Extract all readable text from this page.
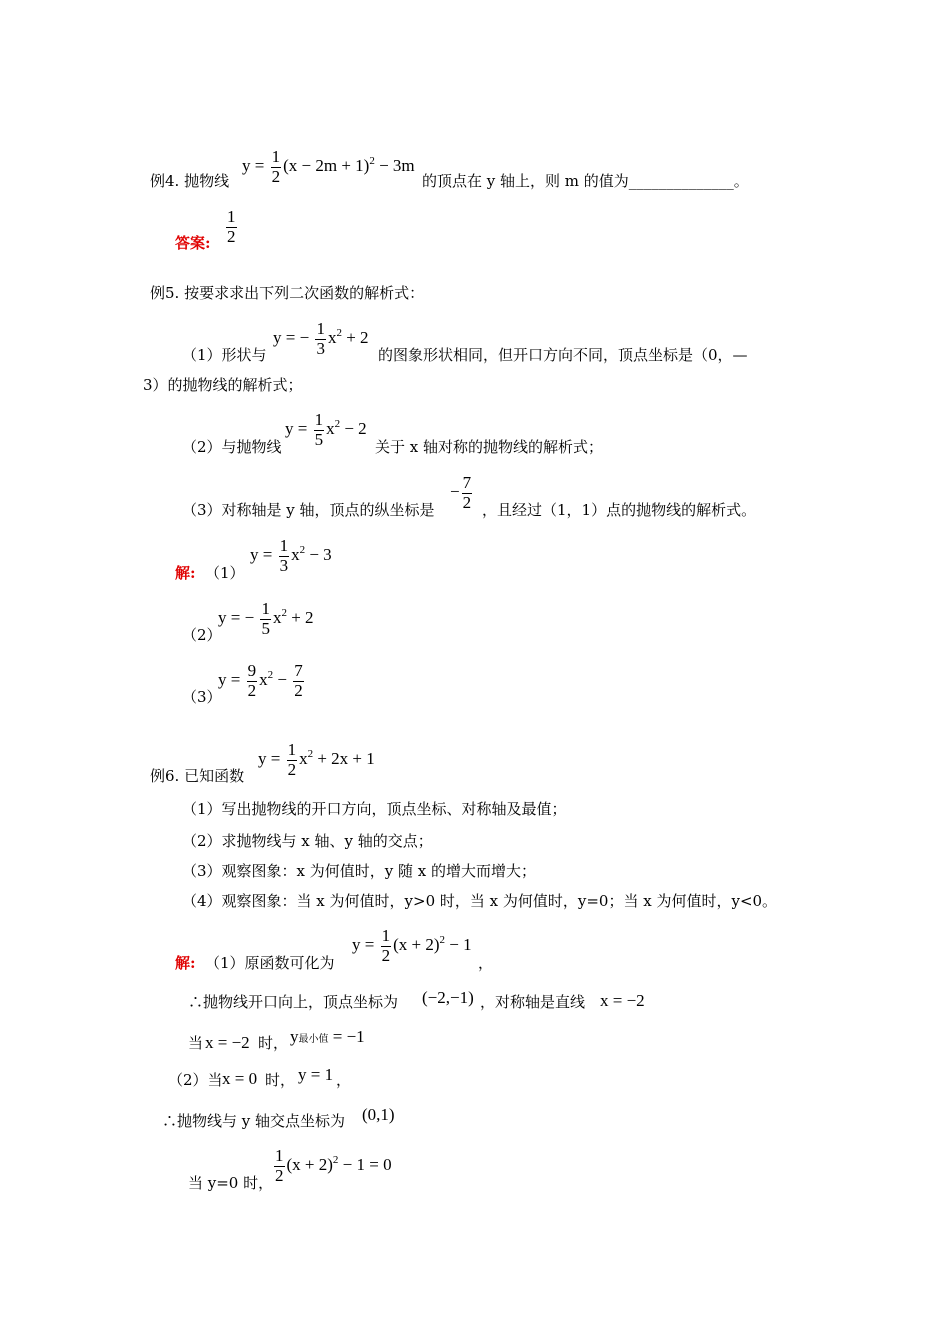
例4. 抛物线
$y = \frac{1}{2} (x - 2m + 1)^2 - 3m$
的顶点在 y 轴上，则 m 的值为______________。
答案: $\frac{1}{2}$
例5. 按要求求出下列二次函数的解析式：
（1）形状与
y = − $\frac{1}{3} x^2 + 2$
的图象形状相同，但开口方向不同，顶点坐标是（0，—
3）的抛物线的解析式；
（2）与抛物线
$y = \frac{1}{5} x^2 - 2$
关于 x 轴对称的抛物线的解析式；
（3）对称轴是 y 轴，顶点的纵坐标是
− $\frac{7}{2}$ ，且经过（1，1）点的抛物线的解析式。
解: （1）
$y = \frac{1}{3} x^2 - 3$
（2）
y = − $\frac{1}{5} x^2 + 2$
（3）
$y = \frac{9}{2} x^2 - \frac{7}{2}$
例6. 已知函数
$y = \frac{1}{2} x^2 + 2x + 1$
（1）写出抛物线的开口方向，顶点坐标、对称轴及最值；
（2）求抛物线与 x 轴、y 轴的交点；
（3）观察图象：x 为何值时，y 随 x 的增大而增大；
（4）观察图象：当 x 为何值时，y>0 时，当 x 为何值时，y=0；当 x 为何值时，y<0。
解: （1）原函数可化为
$y = \frac{1}{2} (x + 2)^2 - 1$
，
∴抛物线开口向上，顶点坐标为 (−2,−1) ，对称轴是直线 x = −2
当 x = −2 时， y最小值 = −1
（2）当 x = 0 时， y = 1 ，
∴抛物线与 y 轴交点坐标为 (0,1)
当 y=0 时， $\frac{1}{2} (x + 2)^2 - 1 = 0$
